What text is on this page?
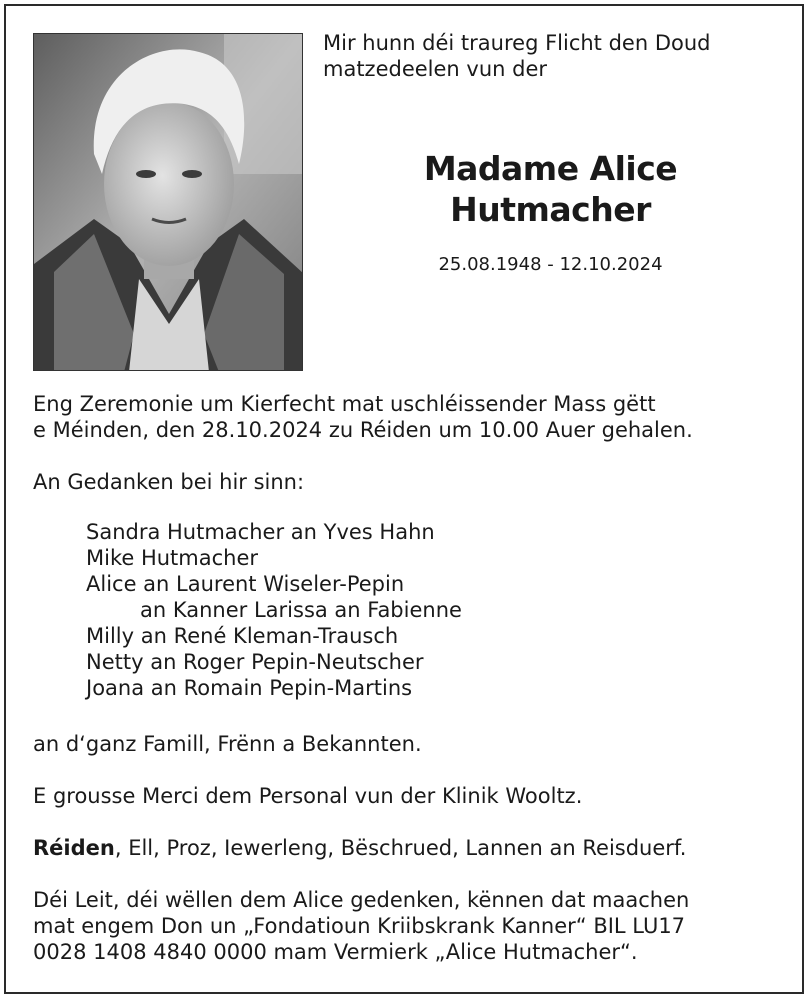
Mir hunn déi traureg Flicht den Doud
matzedeelen vun der
Madame Alice
Hutmacher
25.08.1948 - 12.10.2024
Eng Zeremonie um Kierfecht mat uschléissender Mass gëtt
e Méinden, den 28.10.2024 zu Réiden um 10.00 Auer gehalen.
An Gedanken bei hir sinn:
Sandra Hutmacher an Yves Hahn
Mike Hutmacher
Alice an Laurent Wiseler-Pepin
an Kanner Larissa an Fabienne
Milly an René Kleman-Trausch
Netty an Roger Pepin-Neutscher
Joana an Romain Pepin-Martins
an d‘ganz Famill, Frënn a Bekannten.
E grousse Merci dem Personal vun der Klinik Wooltz.
Réiden, Ell, Proz, Iewerleng, Bëschrued, Lannen an Reisduerf.
Déi Leit, déi wëllen dem Alice gedenken, kënnen dat maachen
mat engem Don un „Fondatioun Kriibskrank Kanner“ BIL LU17
0028 1408 4840 0000 mam Vermierk „Alice Hutmacher“.
